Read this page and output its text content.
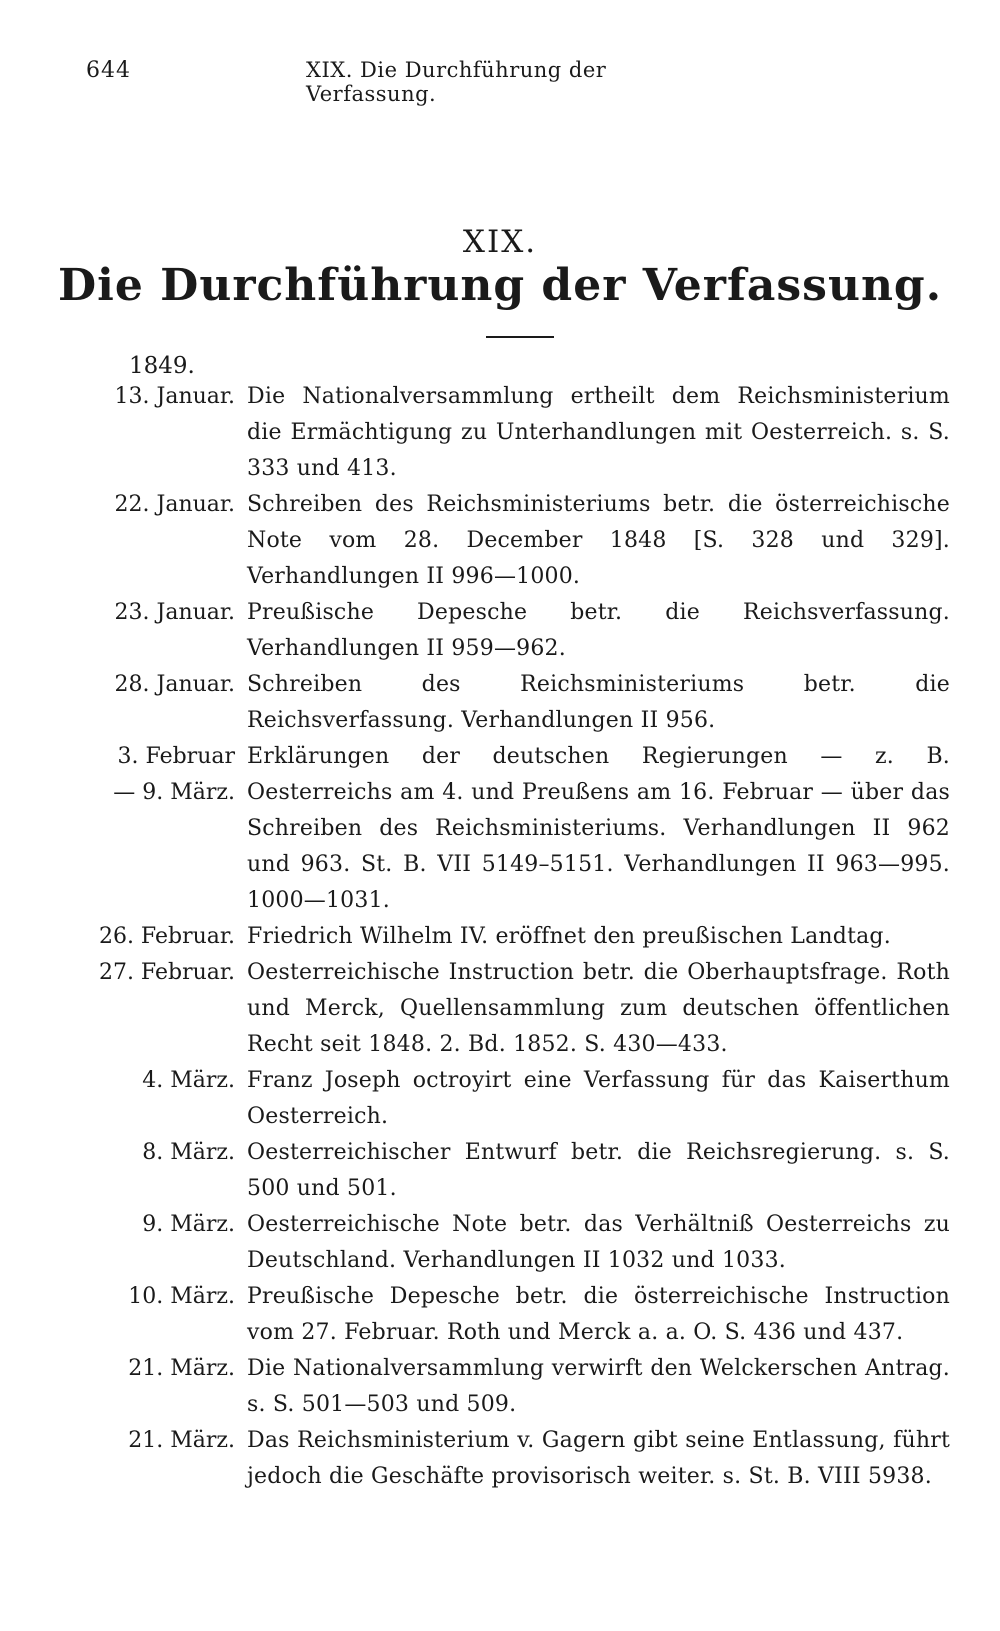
644	XIX. Die Durchführung der Verfassung.
XIX.
Die Durchführung der Verfassung.
1849.
13. Januar. Die Nationalversammlung ertheilt dem Reichsministerium die Ermächtigung zu Unterhandlungen mit Oesterreich. s. S. 333 und 413.
22. Januar. Schreiben des Reichsministeriums betr. die österreichische Note vom 28. December 1848 [S. 328 und 329]. Verhandlungen II 996—1000.
23. Januar. Preußische Depesche betr. die Reichsverfassung. Verhandlungen II 959—962.
28. Januar. Schreiben des Reichsministeriums betr. die Reichsverfassung. Verhandlungen II 956.
3. Februar
— 9. März.
Erklärungen der deutschen Regierungen — z. B. Oesterreichs am 4. und Preußens am 16. Februar — über das Schreiben des Reichsministeriums. Verhandlungen II 962 und 963. St. B. VII 5149–5151. Verhandlungen II 963—995. 1000—1031.
26. Februar. Friedrich Wilhelm IV. eröffnet den preußischen Landtag.
27. Februar. Oesterreichische Instruction betr. die Oberhauptsfrage. Roth und Merck, Quellensammlung zum deutschen öffentlichen Recht seit 1848. 2. Bd. 1852. S. 430—433.
4. März. Franz Joseph octroyirt eine Verfassung für das Kaiserthum Oesterreich.
8. März. Oesterreichischer Entwurf betr. die Reichsregierung. s. S. 500 und 501.
9. März. Oesterreichische Note betr. das Verhältniß Oesterreichs zu Deutschland. Verhandlungen II 1032 und 1033.
10. März. Preußische Depesche betr. die österreichische Instruction vom 27. Februar. Roth und Merck a. a. O. S. 436 und 437.
21. März. Die Nationalversammlung verwirft den Welckerschen Antrag. s. S. 501—503 und 509.
21. März. Das Reichsministerium v. Gagern gibt seine Entlassung, führt jedoch die Geschäfte provisorisch weiter. s. St. B. VIII 5938.
